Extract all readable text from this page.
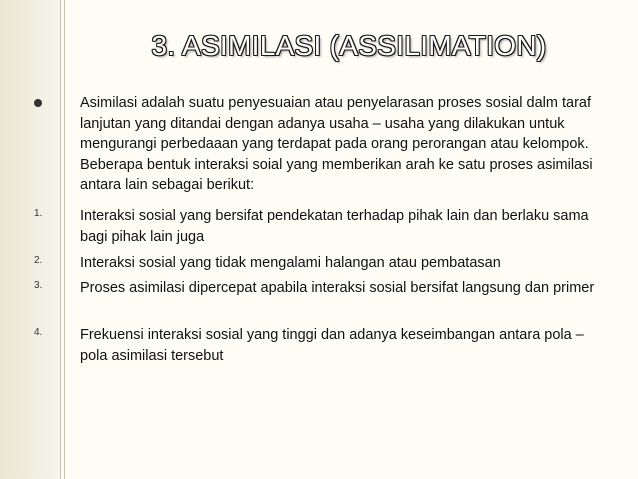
3. ASIMILASI (ASSILIMATION)
Asimilasi adalah suatu penyesuaian atau penyelarasan proses sosial dalm taraf lanjutan yang ditandai dengan adanya usaha – usaha yang dilakukan untuk mengurangi perbedaaan yang terdapat pada orang perorangan atau kelompok. Beberapa bentuk interaksi soial yang memberikan arah ke satu proses asimilasi antara lain sebagai berikut:
1.	Interaksi sosial yang bersifat pendekatan terhadap pihak lain dan berlaku sama bagi pihak lain juga
2.	Interaksi sosial yang tidak mengalami halangan atau pembatasan
3.	Proses asimilasi dipercepat apabila interaksi sosial bersifat langsung dan primer
4.	Frekuensi interaksi sosial yang tinggi dan adanya keseimbangan antara pola – pola asimilasi tersebut
